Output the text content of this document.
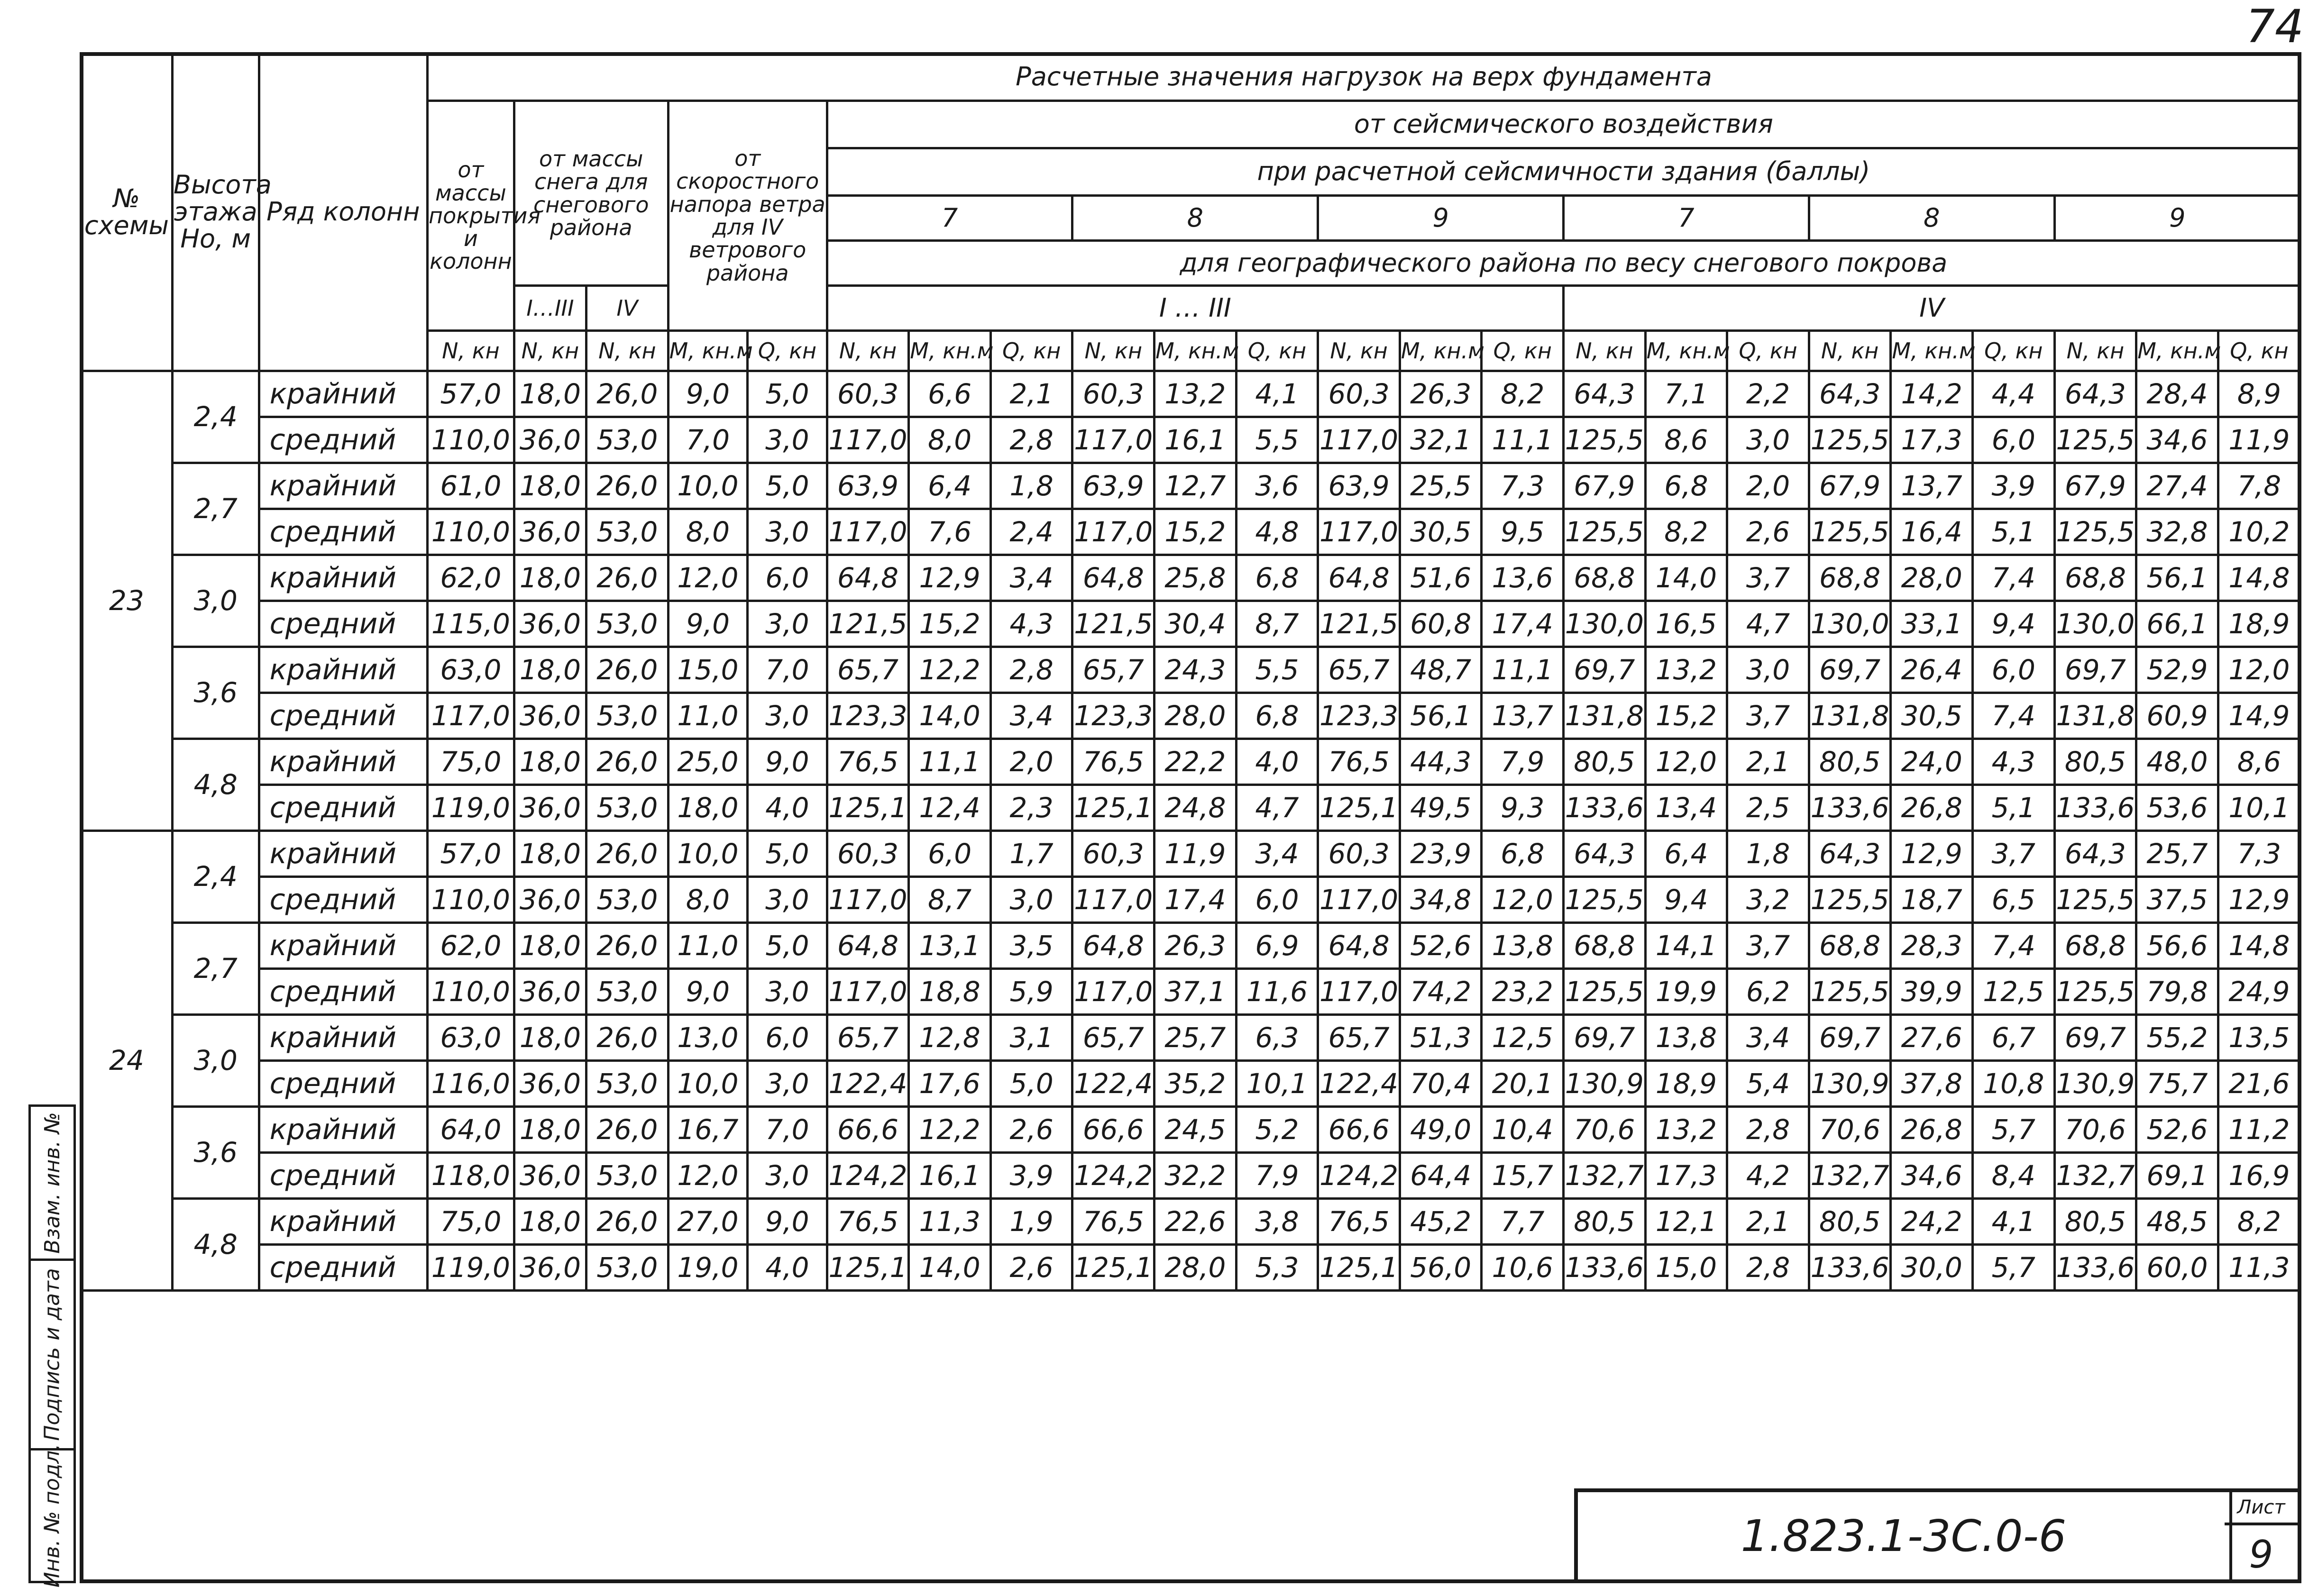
74
Взам. инв. №
Подпись и дата
Инв. № подл.
№ схемы	Высота этажа Hо, м	Ряд колонн	Расчетные значения нагрузок на верх фундамента																						
			от массы покрытия и колонн	от массы снега для снегового района		от скоростного напора ветра для IV ветрового района		от сейсмического воздействия																	
								при расчетной сейсмичности здания (баллы)																	
								7			8			9			7			8			9		
								для географического района по весу снегового покрова																	
				I…III	IV			I … III									IV								
			N, кн	N, кн	N, кн	M, кн.м	Q, кн	N, кн	M, кн.м	Q, кн	N, кн	M, кн.м	Q, кн	N, кн	M, кн.м	Q, кн	N, кн	M, кн.м	Q, кн	N, кн	M, кн.м	Q, кн	N, кн	M, кн.м	Q, кн
23	2,4	крайний	57,0	18,0	26,0	9,0	5,0	60,3	6,6	2,1	60,3	13,2	4,1	60,3	26,3	8,2	64,3	7,1	2,2	64,3	14,2	4,4	64,3	28,4	8,9
		средний	110,0	36,0	53,0	7,0	3,0	117,0	8,0	2,8	117,0	16,1	5,5	117,0	32,1	11,1	125,5	8,6	3,0	125,5	17,3	6,0	125,5	34,6	11,9
	2,7	крайний	61,0	18,0	26,0	10,0	5,0	63,9	6,4	1,8	63,9	12,7	3,6	63,9	25,5	7,3	67,9	6,8	2,0	67,9	13,7	3,9	67,9	27,4	7,8
		средний	110,0	36,0	53,0	8,0	3,0	117,0	7,6	2,4	117,0	15,2	4,8	117,0	30,5	9,5	125,5	8,2	2,6	125,5	16,4	5,1	125,5	32,8	10,2
	3,0	крайний	62,0	18,0	26,0	12,0	6,0	64,8	12,9	3,4	64,8	25,8	6,8	64,8	51,6	13,6	68,8	14,0	3,7	68,8	28,0	7,4	68,8	56,1	14,8
		средний	115,0	36,0	53,0	9,0	3,0	121,5	15,2	4,3	121,5	30,4	8,7	121,5	60,8	17,4	130,0	16,5	4,7	130,0	33,1	9,4	130,0	66,1	18,9
	3,6	крайний	63,0	18,0	26,0	15,0	7,0	65,7	12,2	2,8	65,7	24,3	5,5	65,7	48,7	11,1	69,7	13,2	3,0	69,7	26,4	6,0	69,7	52,9	12,0
		средний	117,0	36,0	53,0	11,0	3,0	123,3	14,0	3,4	123,3	28,0	6,8	123,3	56,1	13,7	131,8	15,2	3,7	131,8	30,5	7,4	131,8	60,9	14,9
	4,8	крайний	75,0	18,0	26,0	25,0	9,0	76,5	11,1	2,0	76,5	22,2	4,0	76,5	44,3	7,9	80,5	12,0	2,1	80,5	24,0	4,3	80,5	48,0	8,6
		средний	119,0	36,0	53,0	18,0	4,0	125,1	12,4	2,3	125,1	24,8	4,7	125,1	49,5	9,3	133,6	13,4	2,5	133,6	26,8	5,1	133,6	53,6	10,1
24	2,4	крайний	57,0	18,0	26,0	10,0	5,0	60,3	6,0	1,7	60,3	11,9	3,4	60,3	23,9	6,8	64,3	6,4	1,8	64,3	12,9	3,7	64,3	25,7	7,3
		средний	110,0	36,0	53,0	8,0	3,0	117,0	8,7	3,0	117,0	17,4	6,0	117,0	34,8	12,0	125,5	9,4	3,2	125,5	18,7	6,5	125,5	37,5	12,9
	2,7	крайний	62,0	18,0	26,0	11,0	5,0	64,8	13,1	3,5	64,8	26,3	6,9	64,8	52,6	13,8	68,8	14,1	3,7	68,8	28,3	7,4	68,8	56,6	14,8
		средний	110,0	36,0	53,0	9,0	3,0	117,0	18,8	5,9	117,0	37,1	11,6	117,0	74,2	23,2	125,5	19,9	6,2	125,5	39,9	12,5	125,5	79,8	24,9
	3,0	крайний	63,0	18,0	26,0	13,0	6,0	65,7	12,8	3,1	65,7	25,7	6,3	65,7	51,3	12,5	69,7	13,8	3,4	69,7	27,6	6,7	69,7	55,2	13,5
		средний	116,0	36,0	53,0	10,0	3,0	122,4	17,6	5,0	122,4	35,2	10,1	122,4	70,4	20,1	130,9	18,9	5,4	130,9	37,8	10,8	130,9	75,7	21,6
	3,6	крайний	64,0	18,0	26,0	16,7	7,0	66,6	12,2	2,6	66,6	24,5	5,2	66,6	49,0	10,4	70,6	13,2	2,8	70,6	26,8	5,7	70,6	52,6	11,2
		средний	118,0	36,0	53,0	12,0	3,0	124,2	16,1	3,9	124,2	32,2	7,9	124,2	64,4	15,7	132,7	17,3	4,2	132,7	34,6	8,4	132,7	69,1	16,9
	4,8	крайний	75,0	18,0	26,0	27,0	9,0	76,5	11,3	1,9	76,5	22,6	3,8	76,5	45,2	7,7	80,5	12,1	2,1	80,5	24,2	4,1	80,5	48,5	8,2
		средний	119,0	36,0	53,0	19,0	4,0	125,1	14,0	2,6	125,1	28,0	5,3	125,1	56,0	10,6	133,6	15,0	2,8	133,6	30,0	5,7	133,6	60,0	11,3
1.823.1-3С.0-6
Лист
9
